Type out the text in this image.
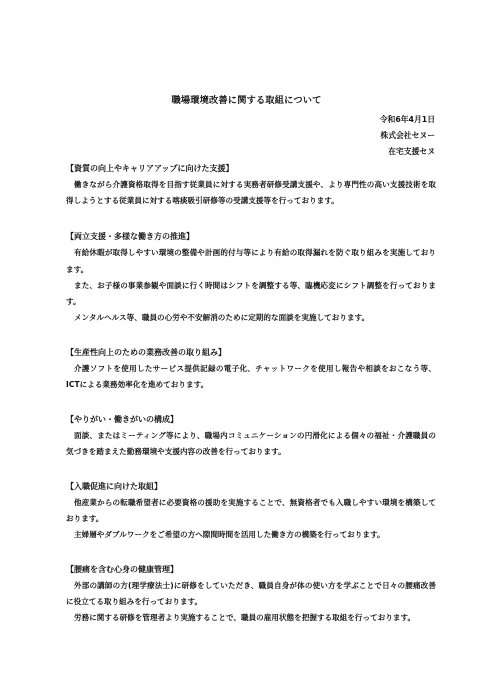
職場環境改善に関する取組について
令和6年4月1日
株式会社セヌー
在宅支援セヌ
【資質の向上やキャリアアップに向けた支援】
働きながら介護資格取得を目指す従業員に対する実務者研修受講支援や、より専門性の高い支援技術を取得しようとする従業員に対する喀痰吸引研修等の受講支援等を行っております。
【両立支援・多様な働き方の推進】
有給休暇が取得しやすい環境の整備や計画的付与等により有給の取得漏れを防ぐ取り組みを実施しております。
また、お子様の事業参観や面談に行く時間はシフトを調整する等、臨機応変にシフト調整を行っております。
メンタルヘルス等、職員の心労や不安解消のために定期的な面談を実施しております。
【生産性向上のための業務改善の取り組み】
介護ソフトを使用したサービス提供記録の電子化、チャットワークを使用し報告や相談をおこなう等、ICTによる業務効率化を進めております。
【やりがい・働きがいの構成】
面談、またはミーティング等により、職場内コミュニケーションの円滑化による個々の福祉・介護職員の気づきを踏まえた勤務環境や支援内容の改善を行っております。
【入職促進に向けた取組】
他産業からの転職希望者に必要資格の援助を実施することで、無資格者でも入職しやすい環境を構築しております。
主婦層やダブルワークをご希望の方へ隙間時間を活用した働き方の構築を行っております。
【腰痛を含む心身の健康管理】
外部の講師の方(理学療法士)に研修をしていただき、職員自身が体の使い方を学ぶことで日々の腰痛改善に役立てる取り組みを行っております。
労務に関する研修を管理者より実施することで、職員の雇用状態を把握する取組を行っております。
